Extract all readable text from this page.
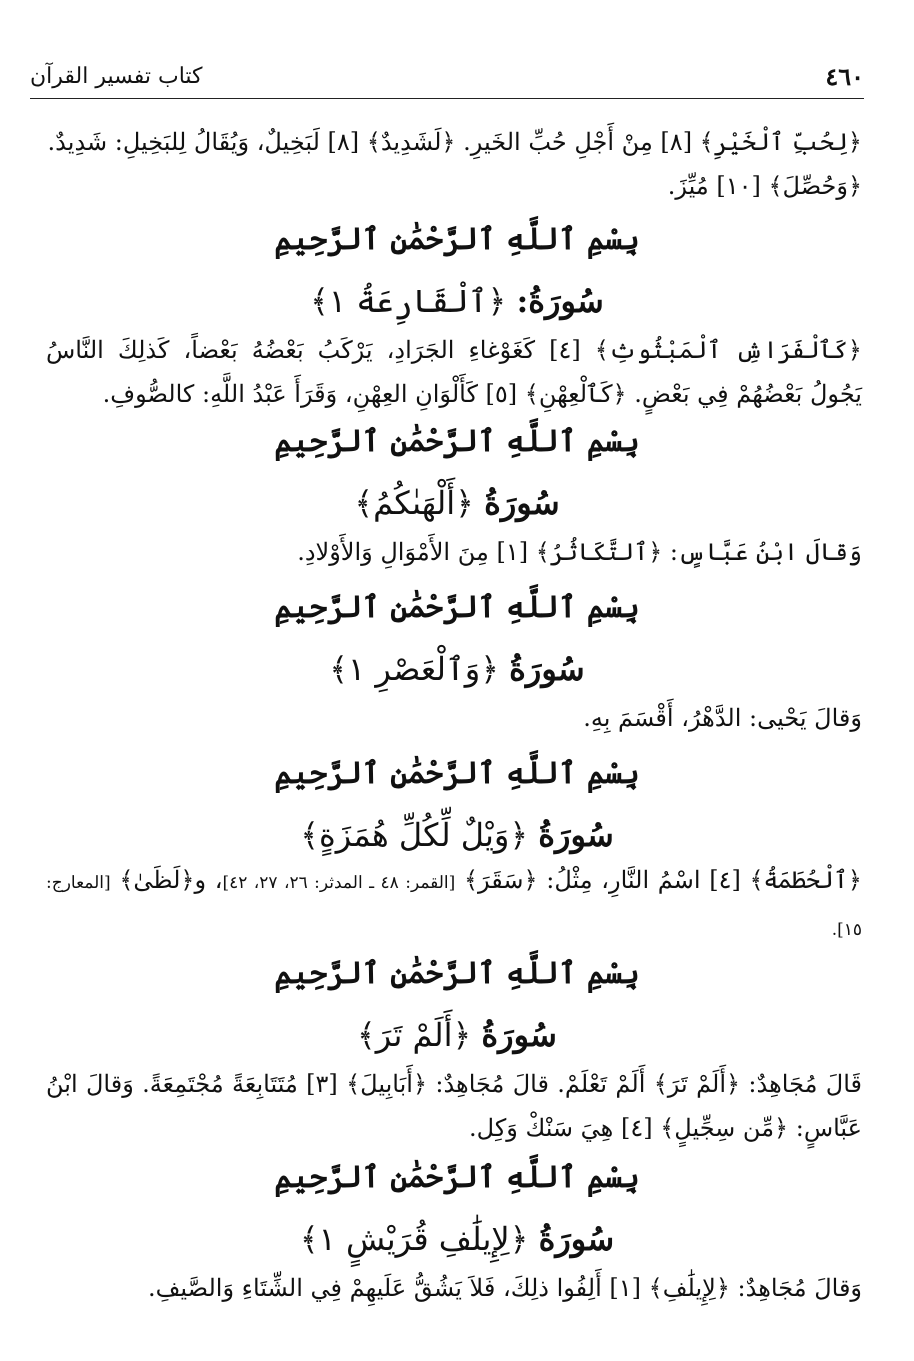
٤٦٠
كتاب تفسير القرآن

﴿لِحُبِّ ٱلْخَيْرِ﴾ [٨] مِنْ أَجْلِ حُبِّ الخَيرِ. ﴿لَشَدِيدٌ﴾ [٨] لَبَخِيلٌ، وَيُقَالُ لِلبَخِيلِ: شَدِيدٌ.

﴿وَحُصِّلَ﴾ [١٠] مُيِّزَ.

بِسْمِ ٱللَّهِ ٱلرَّحْمَٰنِ ٱلرَّحِيمِ
سُورَةُ: ﴿ٱلْقَارِعَةُ ١﴾

﴿كَٱلْفَرَاشِ ٱلْمَبْثُوثِ﴾ [٤] كَغَوْغاءِ الجَرَادِ، يَرْكَبُ بَعْضُهُ بَعْضاً، كَذلِكَ النَّاسُ يَجُولُ بَعْضُهُمْ فِي بَعْضٍ. ﴿كَٱلْعِهْنِ﴾ [٥] كَأَلْوَانِ العِهْنِ، وَقَرَأَ عَبْدُ اللَّهِ: كالصُّوفِ.

بِسْمِ ٱللَّهِ ٱلرَّحْمَٰنِ ٱلرَّحِيمِ
سُورَةُ ﴿أَلْهَىٰكُمُ﴾

وَقالَ ابْنُ عَبَّاسٍ: ﴿ٱلتَّكَاثُرُ﴾ [١] مِنَ الأَمْوَالِ وَالأَوْلادِ.

بِسْمِ ٱللَّهِ ٱلرَّحْمَٰنِ ٱلرَّحِيمِ
سُورَةُ ﴿وَٱلْعَصْرِ ١﴾

وَقالَ يَحْيى: الدَّهْرُ، أَقْسَمَ بِهِ.

بِسْمِ ٱللَّهِ ٱلرَّحْمَٰنِ ٱلرَّحِيمِ
سُورَةُ ﴿وَيْلٌ لِّكُلِّ هُمَزَةٍ﴾

﴿ٱلْحُطَمَةُ﴾ [٤] اسْمُ النَّارِ، مِثْلُ: ﴿سَقَرَ﴾ [القمر: ٤٨ ـ المدثر: ٢٦، ٢٧، ٤٢]، و﴿لَظَىٰ﴾ [المعارج: ١٥].

بِسْمِ ٱللَّهِ ٱلرَّحْمَٰنِ ٱلرَّحِيمِ
سُورَةُ ﴿أَلَمْ تَرَ﴾

قَالَ مُجَاهِدٌ: ﴿أَلَمْ تَرَ﴾ أَلَمْ تَعْلَمْ. قالَ مُجَاهِدٌ: ﴿أَبَابِيلَ﴾ [٣] مُتَتَابِعَةً مُجْتَمِعَةً. وَقالَ ابْنُ عَبَّاسٍ: ﴿مِّن سِجِّيلٍ﴾ [٤] هِيَ سَنْكْ وَكِل.

بِسْمِ ٱللَّهِ ٱلرَّحْمَٰنِ ٱلرَّحِيمِ
سُورَةُ ﴿لِإِيلَٰفِ قُرَيْشٍ ١﴾

وَقالَ مُجَاهِدٌ: ﴿لِإِيلَٰفِ﴾ [١] أَلِفُوا ذلِكَ، فَلاَ يَشُقُّ عَلَيهِمْ فِي الشِّتَاءِ وَالصَّيفِ.
